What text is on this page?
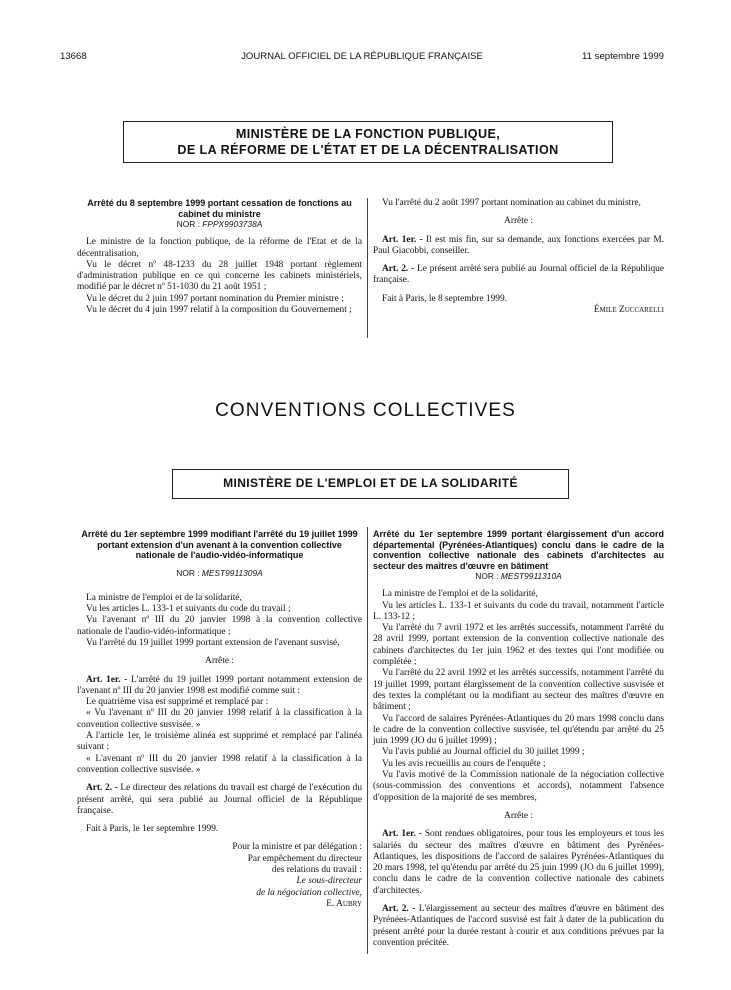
13668	JOURNAL OFFICIEL DE LA RÉPUBLIQUE FRANÇAISE	11 septembre 1999
MINISTÈRE DE LA FONCTION PUBLIQUE,
DE LA RÉFORME DE L'ÉTAT ET DE LA DÉCENTRALISATION

Arrêté du 8 septembre 1999 portant cessation de fonctions au cabinet du ministre

NOR : FPPX9903738A

Le ministre de la fonction publique, de la réforme de l'Etat et de la décentralisation,

Vu le décret nº 48-1233 du 28 juillet 1948 portant règlement d'administration publique en ce qui concerne les cabinets ministériels, modifié par le décret nº 51-1030 du 21 août 1951 ;

Vu le décret du 2 juin 1997 portant nomination du Premier ministre ;

Vu le décret du 4 juin 1997 relatif à la composition du Gouvernement ;

Vu l'arrêté du 2 août 1997 portant nomination au cabinet du ministre,

Arrête :

Art. 1er. - Il est mis fin, sur sa demande, aux fonctions exercées par M. Paul Giacobbi, conseiller.

Art. 2. - Le présent arrêté sera publié au Journal officiel de la République française.

Fait à Paris, le 8 septembre 1999.

Émile Zuccarelli

CONVENTIONS COLLECTIVES
MINISTÈRE DE L'EMPLOI ET DE LA SOLIDARITÉ

Arrêté du 1er septembre 1999 modifiant l'arrêté du 19 juillet 1999 portant extension d'un avenant à la convention collective nationale de l'audio-vidéo-informatique

NOR : MEST9911309A

La ministre de l'emploi et de la solidarité,

Vu les articles L. 133-1 et suivants du code du travail ;

Vu l'avenant nº III du 20 janvier 1998 à la convention collective nationale de l'audio-vidéo-informatique ;

Vu l'arrêté du 19 juillet 1999 portant extension de l'avenant susvisé,

Arrête :

Art. 1er. - L'arrêté du 19 juillet 1999 portant notamment extension de l'avenant nº III du 20 janvier 1998 est modifié comme suit :

Le quatrième visa est supprimé et remplacé par :

« Vu l'avenant nº III du 20 janvier 1998 relatif à la classification à la convention collective susvisée. »

A l'article 1er, le troisième alinéa est supprimé et remplacé par l'alinéa suivant :

« L'avenant nº III du 20 janvier 1998 relatif à la classification à la convention collective susvisée. »

Art. 2. - Le directeur des relations du travail est chargé de l'exécution du présent arrêté, qui sera publié au Journal officiel de la République française.

Fait à Paris, le 1er septembre 1999.

Pour la ministre et par délégation :

Par empêchement du directeur

des relations du travail :

Le sous-directeur

de la négociation collective,

E. Aubry

Arrêté du 1er septembre 1999 portant élargissement d'un accord départemental (Pyrénées-Atlantiques) conclu dans le cadre de la convention collective nationale des cabinets d'architectes au secteur des maîtres d'œuvre en bâtiment

NOR : MEST9911310A

La ministre de l'emploi et de la solidarité,

Vu les articles L. 133-1 et suivants du code du travail, notamment l'article L. 133-12 ;

Vu l'arrêté du 7 avril 1972 et les arrêtés successifs, notamment l'arrêté du 28 avril 1999, portant extension de la convention collective nationale des cabinets d'architectes du 1er juin 1962 et des textes qui l'ont modifiée ou complétée ;

Vu l'arrêté du 22 avril 1992 et les arrêtés successifs, notamment l'arrêté du 19 juillet 1999, portant élargissement de la convention collective susvisée et des textes la complétant ou la modifiant au secteur des maîtres d'œuvre en bâtiment ;

Vu l'accord de salaires Pyrénées-Atlantiques du 20 mars 1998 conclu dans le cadre de la convention collective susvisée, tel qu'étendu par arrêté du 25 juin 1999 (JO du 6 juillet 1999) ;

Vu l'avis publié au Journal officiel du 30 juillet 1999 ;

Vu les avis recueillis au cours de l'enquête ;

Vu l'avis motivé de la Commission nationale de la négociation collective (sous-commission des conventions et accords), notamment l'absence d'opposition de la majorité de ses membres,

Arrête :

Art. 1er. - Sont rendues obligatoires, pour tous les employeurs et tous les salariés du secteur des maîtres d'œuvre en bâtiment des Pyrénées-Atlantiques, les dispositions de l'accord de salaires Pyrénées-Atlantiques du 20 mars 1998, tel qu'étendu par arrêté du 25 juin 1999 (JO du 6 juillet 1999), conclu dans le cadre de la convention collective nationale des cabinets d'architectes.

Art. 2. - L'élargissement au secteur des maîtres d'œuvre en bâtiment des Pyrénées-Atlantiques de l'accord susvisé est fait à dater de la publication du présent arrêté pour la durée restant à courir et aux conditions prévues par la convention précitée.
